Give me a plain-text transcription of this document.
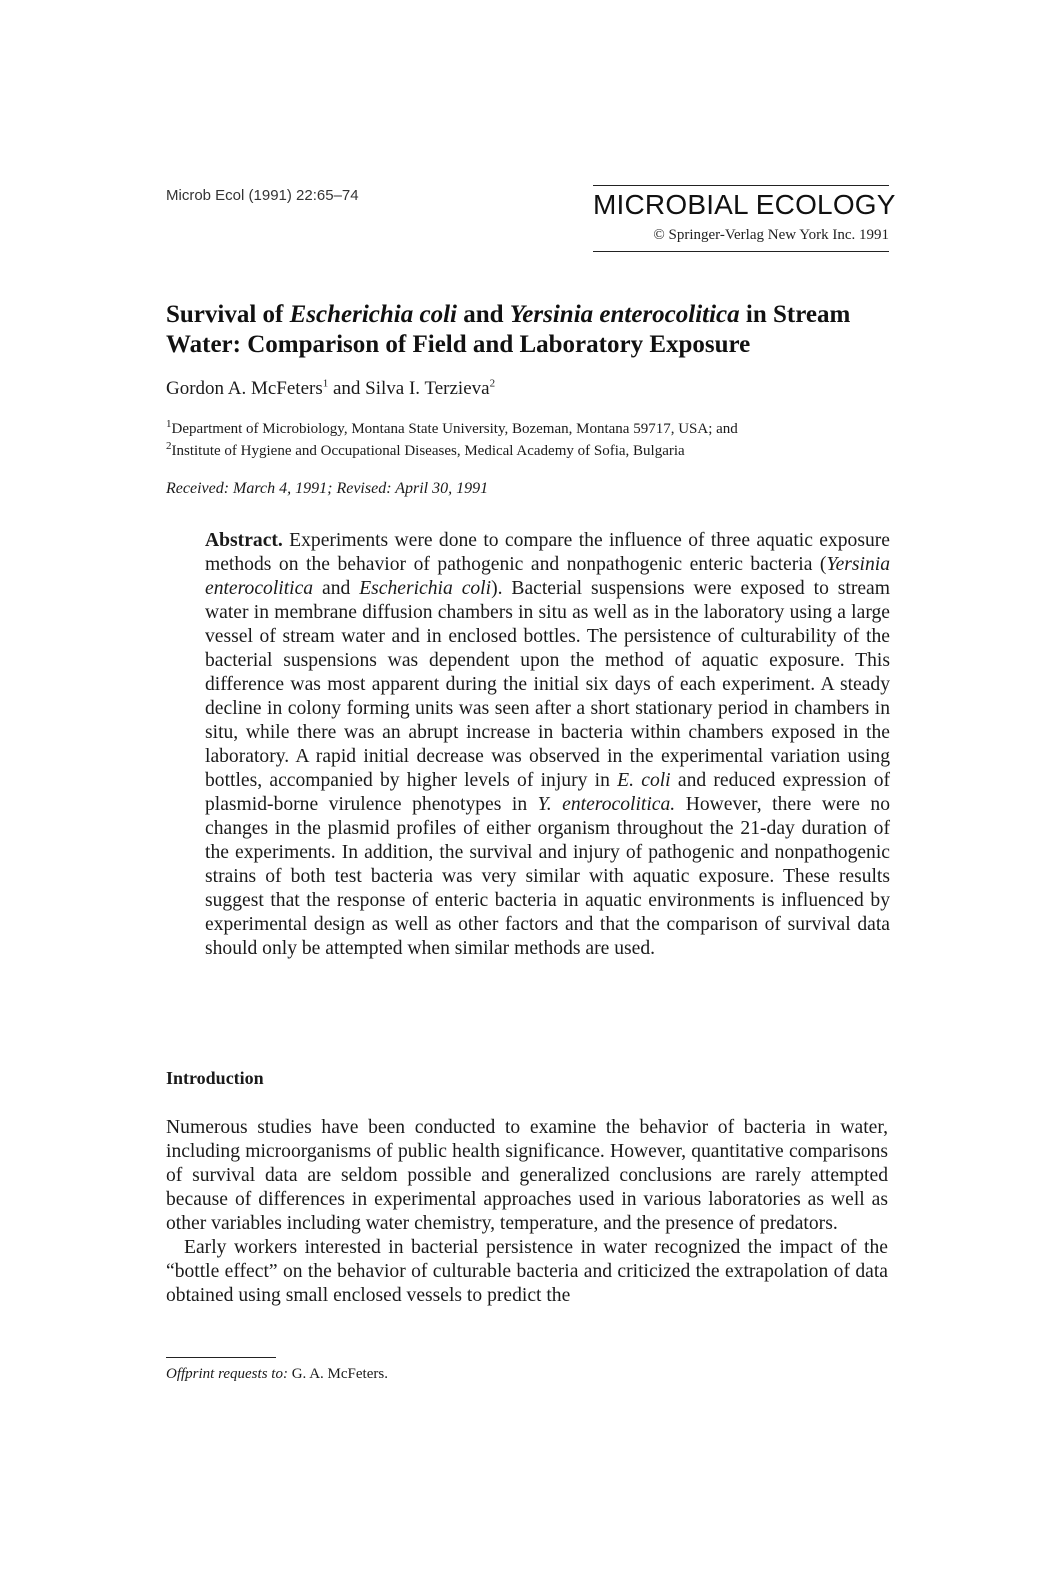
Microb Ecol (1991) 22:65–74	MICROBIAL ECOLOGY
© Springer-Verlag New York Inc. 1991
Survival of Escherichia coli and Yersinia enterocolitica in Stream Water: Comparison of Field and Laboratory Exposure
Gordon A. McFeters$^1$ and Silva I. Terzieva$^2$
$^1$Department of Microbiology, Montana State University, Bozeman, Montana 59717, USA; and
$^2$Institute of Hygiene and Occupational Diseases, Medical Academy of Sofia, Bulgaria
Received: March 4, 1991; Revised: April 30, 1991
Abstract. Experiments were done to compare the influence of three aquatic exposure methods on the behavior of pathogenic and nonpathogenic enteric bacteria (Yersinia enterocolitica and Escherichia coli). Bacterial suspensions were exposed to stream water in membrane diffusion chambers in situ as well as in the laboratory using a large vessel of stream water and in enclosed bottles. The persistence of culturability of the bacterial suspensions was dependent upon the method of aquatic exposure. This difference was most apparent during the initial six days of each experiment. A steady decline in colony forming units was seen after a short stationary period in chambers in situ, while there was an abrupt increase in bacteria within chambers exposed in the laboratory. A rapid initial decrease was observed in the experimental variation using bottles, accompanied by higher levels of injury in E. coli and reduced expression of plasmid-borne virulence phenotypes in Y. enterocolitica. However, there were no changes in the plasmid profiles of either organism throughout the 21-day duration of the experiments. In addition, the survival and injury of pathogenic and nonpathogenic strains of both test bacteria was very similar with aquatic exposure. These results suggest that the response of enteric bacteria in aquatic environments is influenced by experimental design as well as other factors and that the comparison of survival data should only be attempted when similar methods are used.
Introduction

Numerous studies have been conducted to examine the behavior of bacteria in water, including microorganisms of public health significance. However, quantitative comparisons of survival data are seldom possible and generalized conclusions are rarely attempted because of differences in experimental approaches used in various laboratories as well as other variables including water chemistry, temperature, and the presence of predators.

Early workers interested in bacterial persistence in water recognized the impact of the “bottle effect” on the behavior of culturable bacteria and criticized the extrapolation of data obtained using small enclosed vessels to predict the

Offprint requests to: G. A. McFeters.
